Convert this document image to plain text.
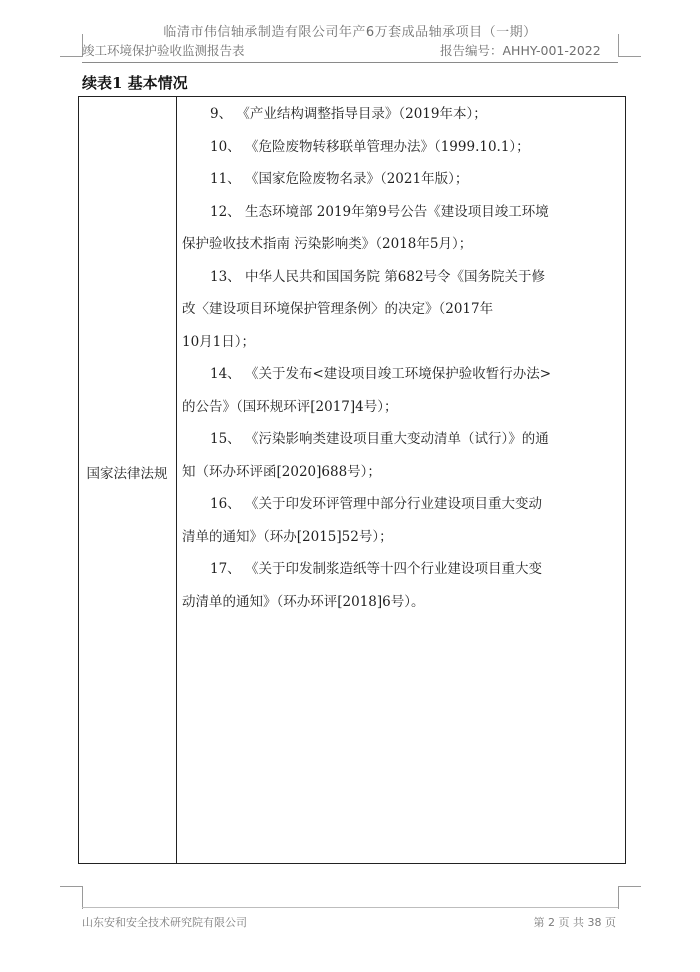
临清市伟信轴承制造有限公司年产6万套成品轴承项目（一期）
竣工环境保护验收监测报告表	报告编号：AHHY-001-2022
续表1 基本情况
国家法律法规

9、 《产业结构调整指导目录》（2019年本）；

10、 《危险废物转移联单管理办法》（1999.10.1）；

11、 《国家危险废物名录》（2021年版）；

12、 生态环境部 2019年第9号公告《建设项目竣工环境

保护验收技术指南 污染影响类》（2018年5月）；

13、 中华人民共和国国务院 第682号令《国务院关于修

改〈建设项目环境保护管理条例〉的决定》（2017年

10月1日）；

14、 《关于发布<建设项目竣工环境保护验收暂行办法>

的公告》（国环规环评[2017]4号）；

15、 《污染影响类建设项目重大变动清单（试行）》的通

知（环办环评函[2020]688号）；

16、 《关于印发环评管理中部分行业建设项目重大变动

清单的通知》（环办[2015]52号）；

17、 《关于印发制浆造纸等十四个行业建设项目重大变

动清单的通知》（环办环评[2018]6号）。

山东安和安全技术研究院有限公司	第 2 页 共 38 页
